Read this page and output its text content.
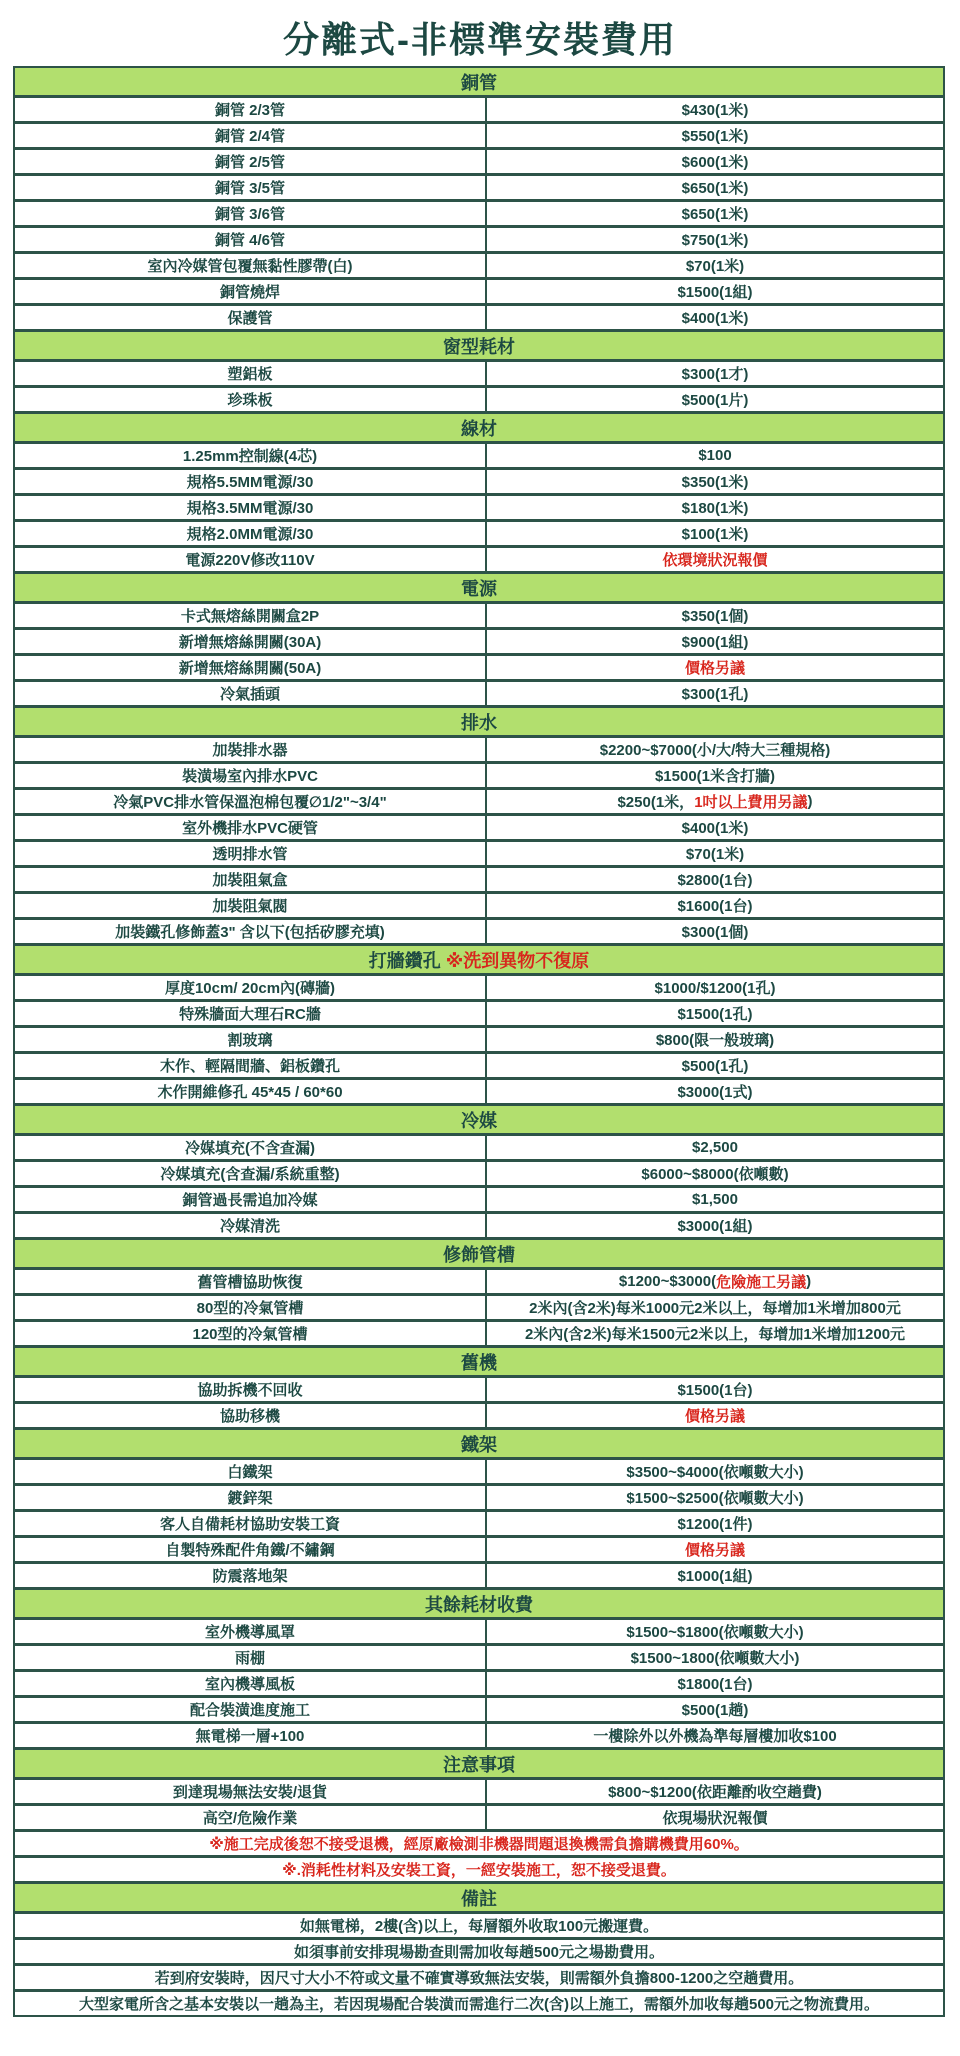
分離式-非標準安裝費用
銅管
銅管 2/3管	$430(1米)
銅管 2/4管	$550(1米)
銅管 2/5管	$600(1米)
銅管 3/5管	$650(1米)
銅管 3/6管	$650(1米)
銅管 4/6管	$750(1米)
室內冷媒管包覆無黏性膠帶(白)	$70(1米)
銅管燒焊	$1500(1組)
保護管	$400(1米)
窗型耗材
塑鋁板	$300(1才)
珍珠板	$500(1片)
線材
1.25mm控制線(4芯)	$100
規格5.5MM電源/30	$350(1米)
規格3.5MM電源/30	$180(1米)
規格2.0MM電源/30	$100(1米)
電源220V修改110V	依環境狀況報價
電源
卡式無熔絲開關盒2P	$350(1個)
新增無熔絲開關(30A)	$900(1組)
新增無熔絲開關(50A)	價格另議
冷氣插頭	$300(1孔)
排水
加裝排水器	$2200~$7000(小/大/特大三種規格)
裝潢場室內排水PVC	$1500(1米含打牆)
冷氣PVC排水管保溫泡棉包覆∅1/2"~3/4"	$250(1米， 1吋以上費用另議 )
室外機排水PVC硬管	$400(1米)
透明排水管	$70(1米)
加裝阻氣盒	$2800(1台)
加裝阻氣閥	$1600(1台)
加裝鐵孔修飾蓋3" 含以下(包括矽膠充填)	$300(1個)
打牆鑽孔 ※洗到異物不復原
厚度10cm/ 20cm內(磚牆)	$1000/$1200(1孔)
特殊牆面大理石RC牆	$1500(1孔)
割玻璃	$800(限一般玻璃)
木作、輕隔間牆、鋁板鑽孔	$500(1孔)
木作開維修孔 45*45 / 60*60	$3000(1式)
冷媒
冷媒填充(不含查漏)	$2,500
冷媒填充(含查漏/系統重整)	$6000~$8000(依噸數)
銅管過長需追加冷媒	$1,500
冷媒清洗	$3000(1組)
修飾管槽
舊管槽協助恢復	$1200~$3000( 危險施工另議 )
80型的冷氣管槽	2米內(含2米)每米1000元2米以上，每增加1米增加800元
120型的冷氣管槽	2米內(含2米)每米1500元2米以上，每增加1米增加1200元
舊機
協助拆機不回收	$1500(1台)
協助移機	價格另議
鐵架
白鐵架	$3500~$4000(依噸數大小)
鍍鋅架	$1500~$2500(依噸數大小)
客人自備耗材協助安裝工資	$1200(1件)
自製特殊配件角鐵/不鏽鋼	價格另議
防震落地架	$1000(1組)
其餘耗材收費
室外機導風罩	$1500~$1800(依噸數大小)
雨棚	$1500~1800(依噸數大小)
室內機導風板	$1800(1台)
配合裝潢進度施工	$500(1趟)
無電梯一層+100	一樓除外以外機為準每層樓加收$100
注意事項
到達現場無法安裝/退貨	$800~$1200(依距離酌收空趟費)
高空/危險作業	依現場狀況報價
※施工完成後恕不接受退機，經原廠檢測非機器問題退換機需負擔購機費用60%。
※.消耗性材料及安裝工資，一經安裝施工，恕不接受退費。
備註
如無電梯，2樓(含)以上，每層額外收取100元搬運費。
如須事前安排現場勘查則需加收每趟500元之場勘費用。
若到府安裝時，因尺寸大小不符或文量不確實導致無法安裝，則需額外負擔800-1200之空趟費用。
大型家電所含之基本安裝以一趟為主，若因現場配合裝潢而需進行二次(含)以上施工，需額外加收每趟500元之物流費用。
